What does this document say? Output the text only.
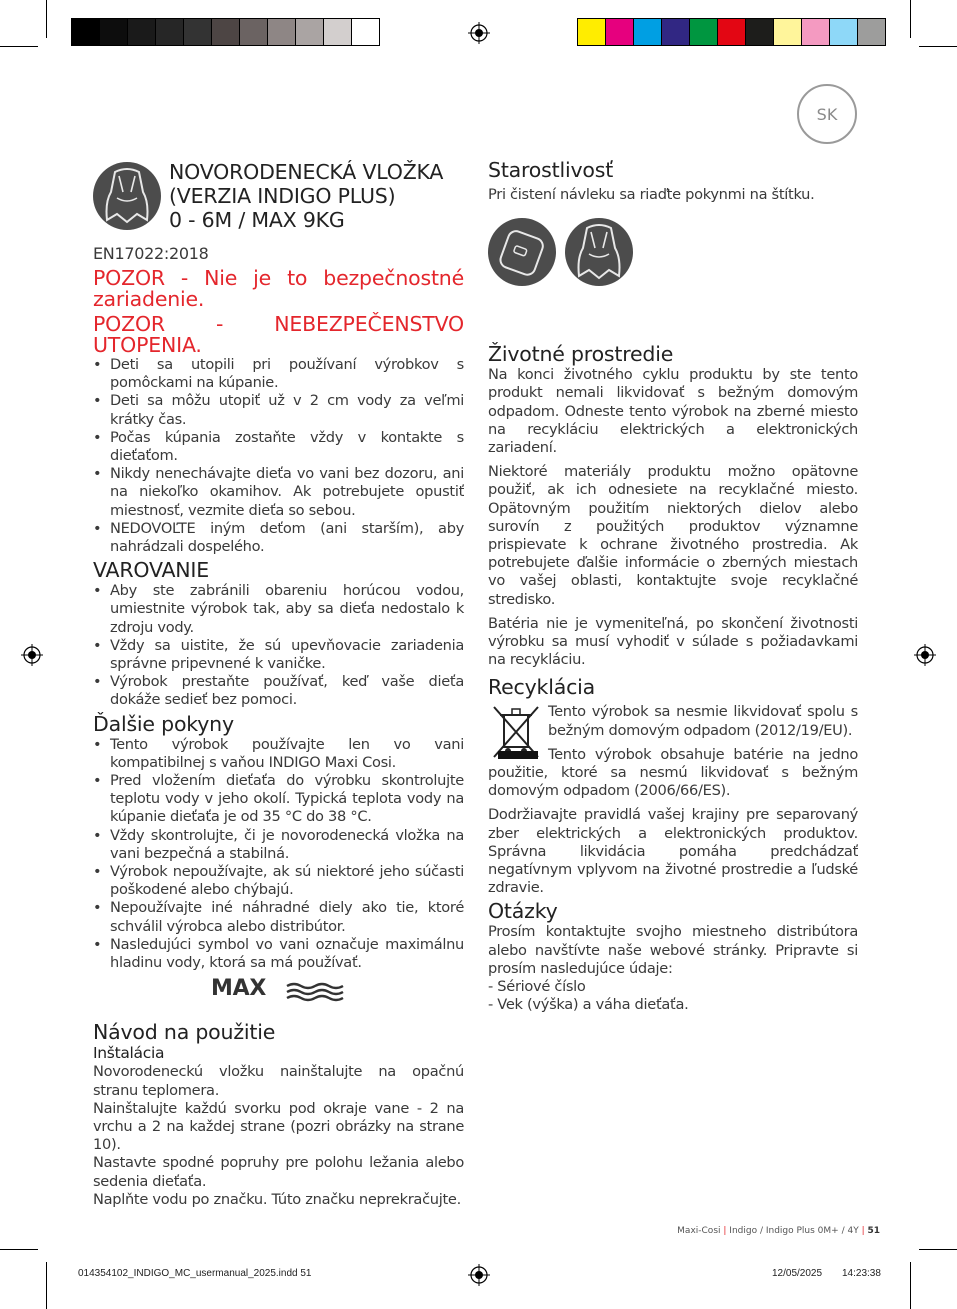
SK
NOVORODENECKÁ VLOŽKA
(VERZIA INDIGO PLUS)
0 - 6M / MAX 9KG

EN17022:2018

POZOR - Nie je to bezpečnostné zariadenie.

POZOR - NEBEZPEČENSTVO UTOPENIA.

• Deti sa utopili pri používaní výrobkov s pomôckami na kúpanie.
• Deti sa môžu utopiť už v 2 cm vody za veľmi krátky čas.
• Počas kúpania zostaňte vždy v kontakte s dieťaťom.
• Nikdy nenechávajte dieťa vo vani bez dozoru, ani na niekoľko okamihov. Ak potrebujete opustiť miestnosť, vezmite dieťa so sebou.
• NEDOVOĽTE iným deťom (ani starším), aby nahrádzali dospelého.

VAROVANIE

• Aby ste zabránili obareniu horúcou vodou, umiestnite výrobok tak, aby sa dieťa nedostalo k zdroju vody.
• Vždy sa uistite, že sú upevňovacie zariadenia správne pripevnené k vaničke.
• Výrobok prestaňte používať, keď vaše dieťa dokáže sedieť bez pomoci.

Ďalšie pokyny

• Tento výrobok používajte len vo vani kompatibilnej s vaňou INDIGO Maxi Cosi.
• Pred vložením dieťaťa do výrobku skontrolujte teplotu vody v jeho okolí. Typická teplota vody na kúpanie dieťaťa je od 35 °C do 38 °C.
• Vždy skontrolujte, či je novorodenecká vložka na vani bezpečná a stabilná.
• Výrobok nepoužívajte, ak sú niektoré jeho súčasti poškodené alebo chýbajú.
• Nepoužívajte iné náhradné diely ako tie, ktoré schválil výrobca alebo distribútor.
• Nasledujúci symbol vo vani označuje maximálnu hladinu vody, ktorá sa má používať.
MAX

Návod na použitie

Inštalácia

Novorodeneckú vložku nainštalujte na opačnú stranu teplomera.

Nainštalujte každú svorku pod okraje vane - 2 na vrchu a 2 na každej strane (pozri obrázky na strane 10).

Nastavte spodné popruhy pre polohu ležania alebo sedenia dieťaťa.

Naplňte vodu po značku. Túto značku neprekračujte.

Starostlivosť

Pri čistení návleku sa riaďte pokynmi na štítku.

Životné prostredie

Na konci životného cyklu produktu by ste tento produkt nemali likvidovať s bežným domovým odpadom. Odneste tento výrobok na zberné miesto na recykláciu elektrických a elektronických zariadení.

Niektoré materiály produktu možno opätovne použiť, ak ich odnesiete na recyklačné miesto. Opätovným použitím niektorých dielov alebo surovín z použitých produktov významne prispievate k ochrane životného prostredia. Ak potrebujete ďalšie informácie o zberných miestach vo vašej oblasti, kontaktujte svoje recyklačné stredisko.

Batéria nie je vymeniteľná, po skončení životnosti výrobku sa musí vyhodiť v súlade s požiadavkami na recykláciu.

Recyklácia

Tento výrobok sa nesmie likvidovať spolu s bežným domovým odpadom (2012/19/EU).

Tento výrobok obsahuje batérie na jedno použitie, ktoré sa nesmú likvidovať s bežným domovým odpadom (2006/66/ES).

Dodržiavajte pravidlá vašej krajiny pre separovaný zber elektrických a elektronických produktov. Správna likvidácia pomáha predchádzať negatívnym vplyvom na životné prostredie a ľudské zdravie.

Otázky

Prosím kontaktujte svojho miestneho distribútora alebo navštívte naše webové stránky. Pripravte si prosím nasledujúce údaje:

- Sériové číslo

- Vek (výška) a váha dieťaťa.

Maxi-Cosi | Indigo / Indigo Plus 0M+ / 4Y | 51
014354102_INDIGO_MC_usermanual_2025.indd 51	12/05/2025 14:23:38
